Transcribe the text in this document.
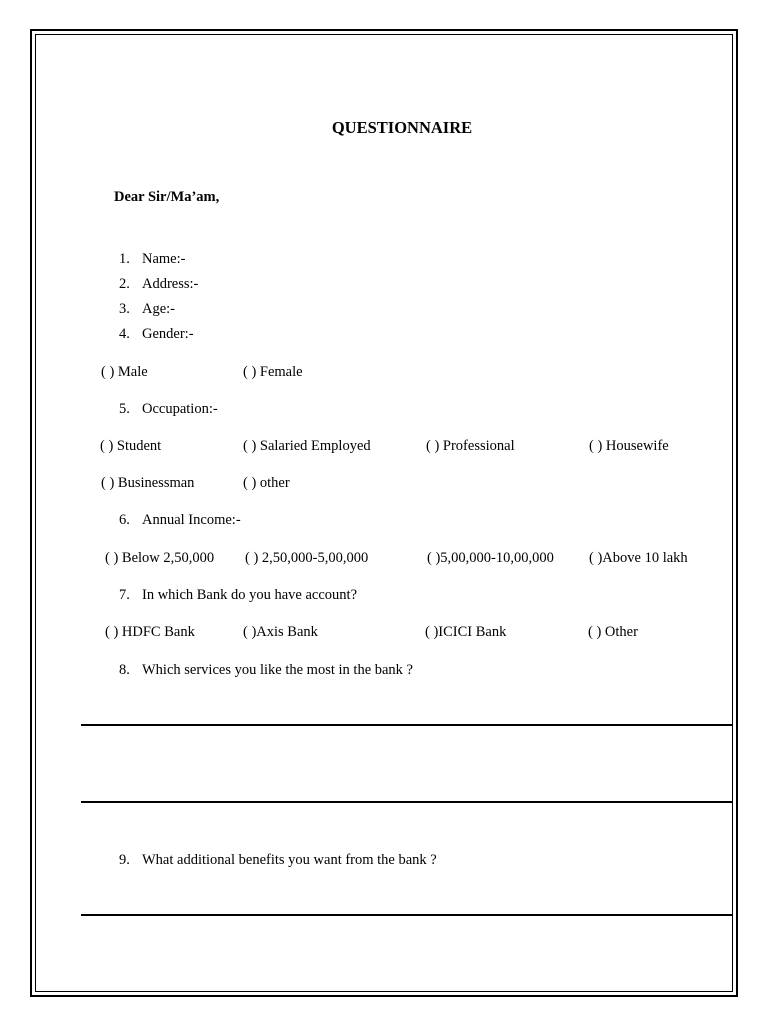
QUESTIONNAIRE
Dear Sir/Ma’am,
1. Name:-
2. Address:-
3. Age:-
4. Gender:-
( ) Male	( ) Female
5. Occupation:-
( ) Student	( ) Salaried Employed	( ) Professional	( ) Housewife
( ) Businessman	( ) other
6. Annual Income:-
( ) Below 2,50,000 ( ) 2,50,000-5,00,000	( )5,00,000-10,00,000 ( )Above 10 lakh
7. In which Bank do you have account?
( ) HDFC Bank	( )Axis Bank	( )ICICI Bank	( ) Other
8. Which services you like the most in the bank ?
9. What additional benefits you want from the bank ?
